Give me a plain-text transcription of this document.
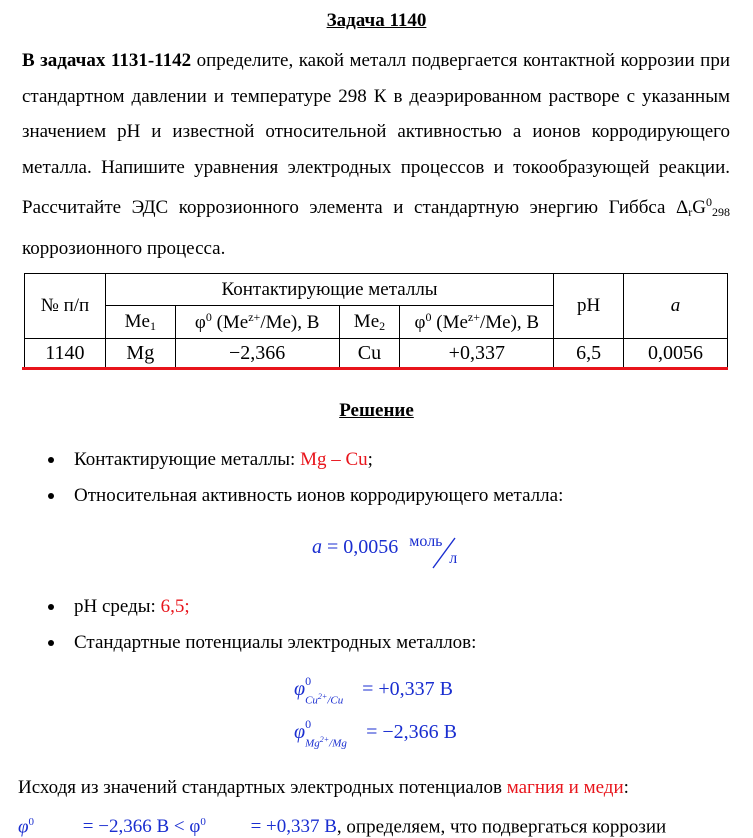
Задача 1140
В задачах 1131-1142 определите, какой металл подвергается контактной коррозии при стандартном давлении и температуре 298 К в деаэрированном растворе с указанным значением pH и известной относительной активностью а ионов корродирующего металла. Напишите уравнения электродных процессов и токообразующей реакции. Рассчитайте ЭДС коррозионного элемента и стандартную энергию Гиббса $\Delta_rG^0_{298}$ коррозионного процесса.
№ п/п	Контактирующие металлы				pH	a
	$Me_1$	$\varphi^0$ $(Me^{z+}/Me)$, В	$Me_2$	$\varphi^0$ $(Me^{z+}/Me)$, В		
1140	Mg	−2,366	Cu	+0,337	6,5	0,0056
Решение
Контактирующие металлы: Mg – Cu;
Относительная активность ионов корродирующего металла:
a = 0,0056 моль
л
pH среды: 6,5;
Стандартные потенциалы электродных металлов:
φ 0
$Cu^{2+}/Cu$
= +0,337 В
φ 0
$Mg^{2+}/Mg$
= −2,366 В
Исходя из значений стандартных электродных потенциалов магния и меди:
$\varphi^0 = -2,366$ $В < \varphi^0 = +0,337$ В, определяем, что подвергаться коррозии
